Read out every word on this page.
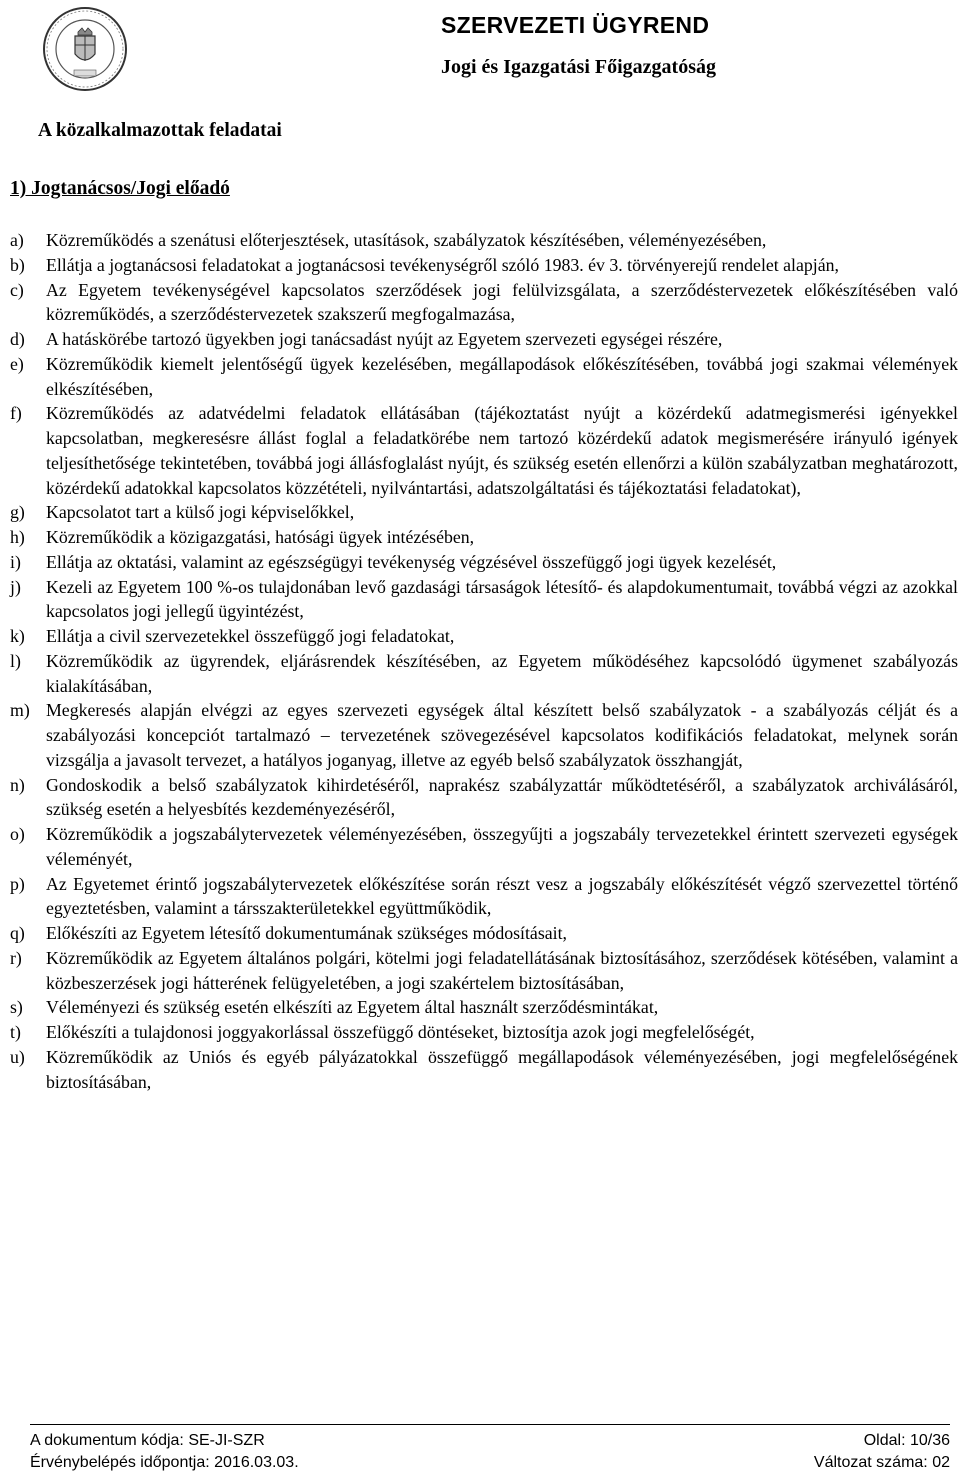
SZERVEZETI ÜGYREND
Jogi és Igazgatási Főigazgatóság

A közalkalmazottak feladatai

1) Jogtanácsos/Jogi előadó

a)	Közreműködés a szenátusi előterjesztések, utasítások, szabályzatok készítésében, véleményezésében,
b)	Ellátja a jogtanácsosi feladatokat a jogtanácsosi tevékenységről szóló 1983. év 3. törvényerejű rendelet alapján,
c)	Az Egyetem tevékenységével kapcsolatos szerződések jogi felülvizsgálata, a szerződéstervezetek előkészítésében való közreműködés, a szerződéstervezetek szakszerű megfogalmazása,
d)	A hatáskörébe tartozó ügyekben jogi tanácsadást nyújt az Egyetem szervezeti egységei részére,
e)	Közreműködik kiemelt jelentőségű ügyek kezelésében, megállapodások előkészítésében, továbbá jogi szakmai vélemények elkészítésében,
f)	Közreműködés az adatvédelmi feladatok ellátásában (tájékoztatást nyújt a közérdekű adatmegismerési igényekkel kapcsolatban, megkeresésre állást foglal a feladatkörébe nem tartozó közérdekű adatok megismerésére irányuló igények teljesíthetősége tekintetében, továbbá jogi állásfoglalást nyújt, és szükség esetén ellenőrzi a külön szabályzatban meghatározott, közérdekű adatokkal kapcsolatos közzétételi, nyilvántartási, adatszolgáltatási és tájékoztatási feladatokat),
g)	Kapcsolatot tart a külső jogi képviselőkkel,
h)	Közreműködik a közigazgatási, hatósági ügyek intézésében,
i)	Ellátja az oktatási, valamint az egészségügyi tevékenység végzésével összefüggő jogi ügyek kezelését,
j)	Kezeli az Egyetem 100 %-os tulajdonában levő gazdasági társaságok létesítő- és alapdokumentumait, továbbá végzi az azokkal kapcsolatos jogi jellegű ügyintézést,
k)	Ellátja a civil szervezetekkel összefüggő jogi feladatokat,
l)	Közreműködik az ügyrendek, eljárásrendek készítésében, az Egyetem működéséhez kapcsolódó ügymenet szabályozás kialakításában,
m) Megkeresés alapján elvégzi az egyes szervezeti egységek által készített belső szabályzatok - a szabályozás célját és a szabályozási koncepciót tartalmazó – tervezetének szövegezésével kapcsolatos kodifikációs feladatokat, melynek során vizsgálja a javasolt tervezet, a hatályos joganyag, illetve az egyéb belső szabályzatok összhangját,
n)	Gondoskodik a belső szabályzatok kihirdetéséről, naprakész szabályzattár működtetéséről, a szabályzatok archiválásáról, szükség esetén a helyesbítés kezdeményezéséről,
o)	Közreműködik a jogszabálytervezetek véleményezésében, összegyűjti a jogszabály tervezetekkel érintett szervezeti egységek véleményét,
p)	Az Egyetemet érintő jogszabálytervezetek előkészítése során részt vesz a jogszabály előkészítését végző szervezettel történő egyeztetésben, valamint a társszakterületekkel együttműködik,
q)	Előkészíti az Egyetem létesítő dokumentumának szükséges módosításait,
r)	Közreműködik az Egyetem általános polgári, kötelmi jogi feladatellátásának biztosításához, szerződések kötésében, valamint a közbeszerzések jogi hátterének felügyeletében, a jogi szakértelem biztosításában,
s)	Véleményezi és szükség esetén elkészíti az Egyetem által használt szerződésmintákat,
t)	Előkészíti a tulajdonosi joggyakorlással összefüggő döntéseket, biztosítja azok jogi megfelelőségét,
u)	Közreműködik az Uniós és egyéb pályázatokkal összefüggő megállapodások véleményezésében, jogi megfelelőségének biztosításában,
A dokumentum kódja: SE-JI-SZR	Oldal: 10/36
Érvénybelépés időpontja: 2016.03.03.	Változat száma: 02
